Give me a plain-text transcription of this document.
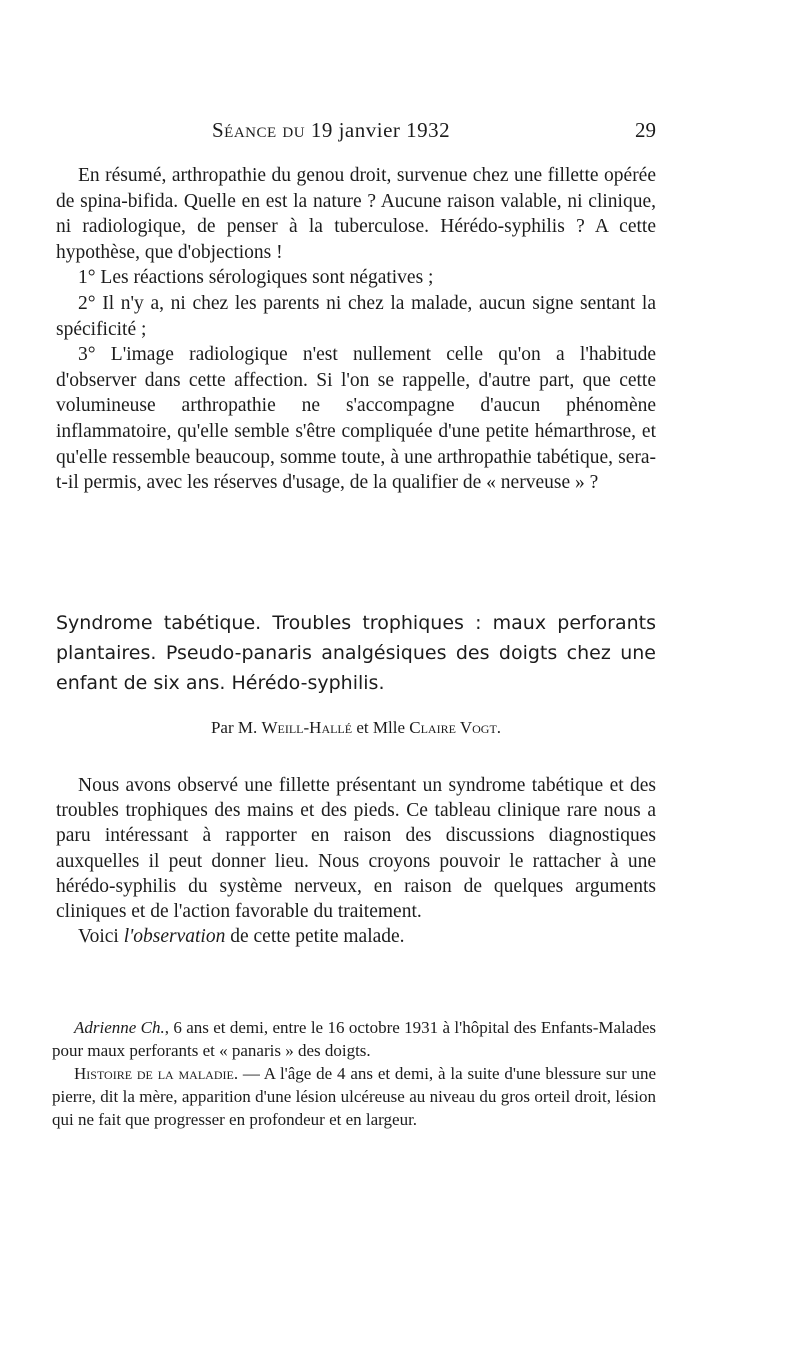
Séance du 19 janvier 1932	29

En résumé, arthropathie du genou droit, survenue chez une fillette opérée de spina-bifida. Quelle en est la nature ? Aucune raison valable, ni clinique, ni radiologique, de penser à la tuberculose. Hérédo-syphilis ? A cette hypothèse, que d'objections !

1° Les réactions sérologiques sont négatives ;

2° Il n'y a, ni chez les parents ni chez la malade, aucun signe sentant la spécificité ;

3° L'image radiologique n'est nullement celle qu'on a l'habitude d'observer dans cette affection. Si l'on se rappelle, d'autre part, que cette volumineuse arthropathie ne s'accompagne d'aucun phénomène inflammatoire, qu'elle semble s'être compliquée d'une petite hémarthrose, et qu'elle ressemble beaucoup, somme toute, à une arthropathie tabétique, sera-t-il permis, avec les réserves d'usage, de la qualifier de « nerveuse » ?

Syndrome tabétique. Troubles trophiques : maux perforants plantaires. Pseudo-panaris analgésiques des doigts chez une enfant de six ans. Hérédo-syphilis.
Par M. Weill-Hallé et Mlle Claire Vogt.

Nous avons observé une fillette présentant un syndrome tabétique et des troubles trophiques des mains et des pieds. Ce tableau clinique rare nous a paru intéressant à rapporter en raison des discussions diagnostiques auxquelles il peut donner lieu. Nous croyons pouvoir le rattacher à une hérédo-syphilis du système nerveux, en raison de quelques arguments cliniques et de l'action favorable du traitement.

Voici l'observation de cette petite malade.

Adrienne Ch., 6 ans et demi, entre le 16 octobre 1931 à l'hôpital des Enfants-Malades pour maux perforants et « panaris » des doigts.

Histoire de la maladie. — A l'âge de 4 ans et demi, à la suite d'une blessure sur une pierre, dit la mère, apparition d'une lésion ulcéreuse au niveau du gros orteil droit, lésion qui ne fait que progresser en profondeur et en largeur.
